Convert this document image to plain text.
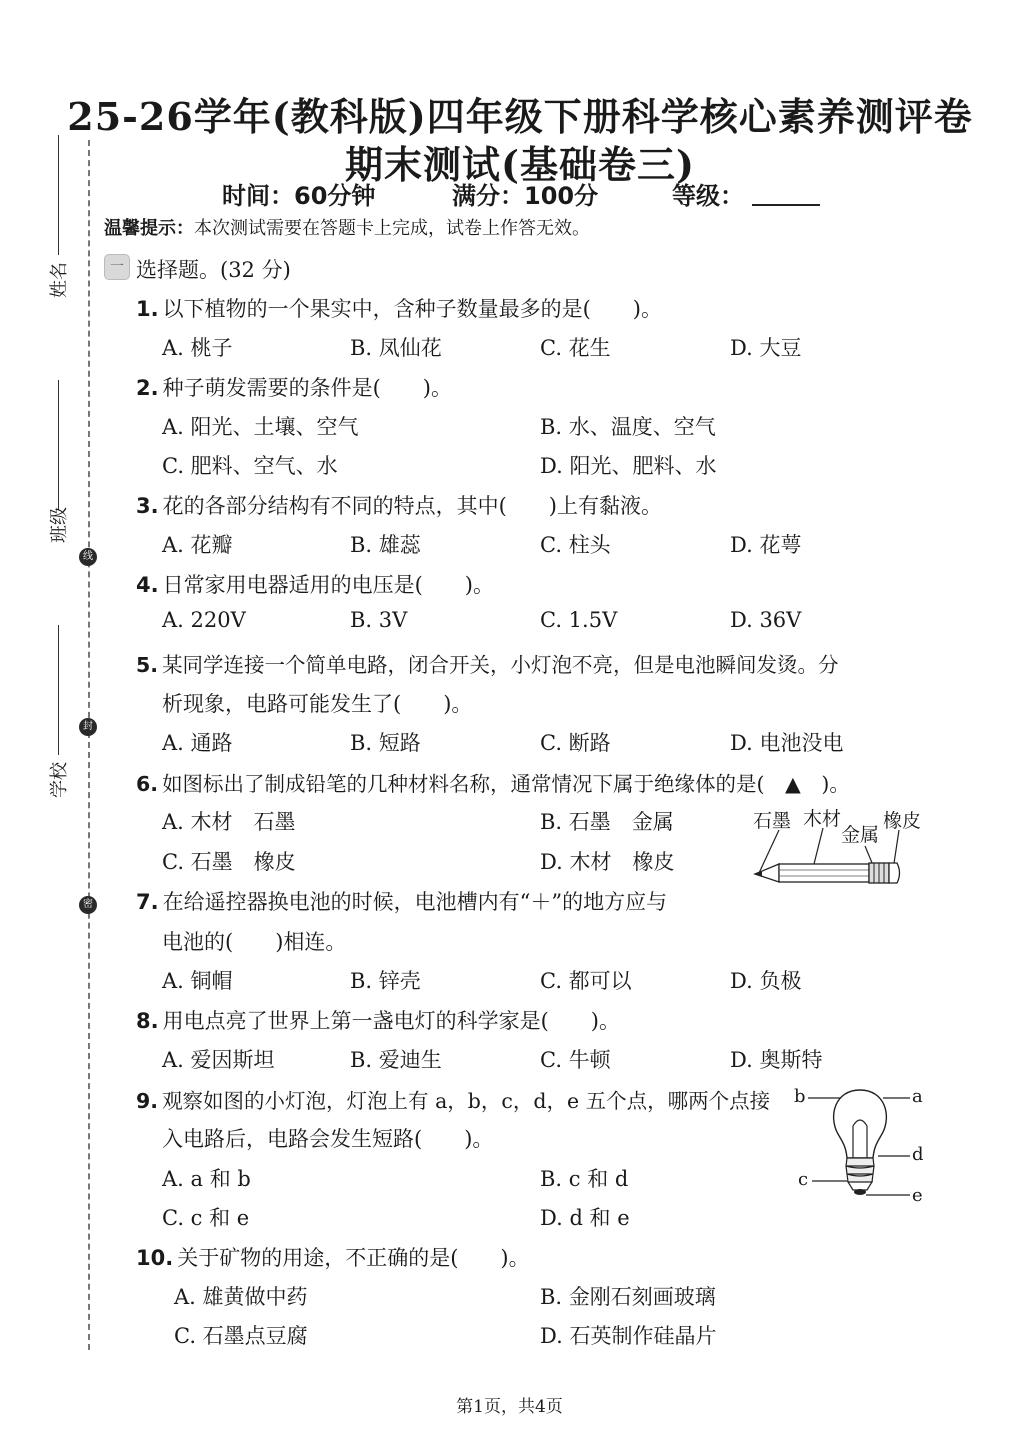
姓名
班级
学校
线
封
密
25-26学年(教科版)四年级下册科学核心素养测评卷
期末测试(基础卷三)
时间：60分钟	满分：100分	等级：
温馨提示：本次测试需要在答题卡上完成，试卷上作答无效。
一 选择题。(32 分)
1. 以下植物的一个果实中，含种子数量最多的是(　　)。
A. 桃子	B. 凤仙花	C. 花生	D. 大豆
2. 种子萌发需要的条件是(　　)。
A. 阳光、土壤、空气	B. 水、温度、空气
C. 肥料、空气、水	D. 阳光、肥料、水
3. 花的各部分结构有不同的特点，其中(　　)上有黏液。
A. 花瓣	B. 雄蕊	C. 柱头	D. 花萼
4. 日常家用电器适用的电压是(　　)。
A. 220V	B. 3V	C. 1.5V	D. 36V
5. 某同学连接一个简单电路，闭合开关，小灯泡不亮，但是电池瞬间发烫。分
析现象，电路可能发生了(　　)。
A. 通路	B. 短路	C. 断路	D. 电池没电
6. 如图标出了制成铅笔的几种材料名称，通常情况下属于绝缘体的是(　▲　)。
A. 木材　石墨	B. 石墨　金属
C. 石墨　橡皮	D. 木材　橡皮
石墨 木材
金属
橡皮
7. 在给遥控器换电池的时候，电池槽内有“＋”的地方应与
电池的(　　)相连。
A. 铜帽	B. 锌壳	C. 都可以	D. 负极
8. 用电点亮了世界上第一盏电灯的科学家是(　　)。
A. 爱因斯坦	B. 爱迪生	C. 牛顿	D. 奥斯特
9. 观察如图的小灯泡，灯泡上有 a，b，c，d，e 五个点，哪两个点接
入电路后，电路会发生短路(　　)。
A. a 和 b	B. c 和 d
C. c 和 e	D. d 和 e
b	a
d
c
e
10. 关于矿物的用途，不正确的是(　　)。
A. 雄黄做中药	B. 金刚石刻画玻璃
C. 石墨点豆腐	D. 石英制作硅晶片
第1页，共4页
